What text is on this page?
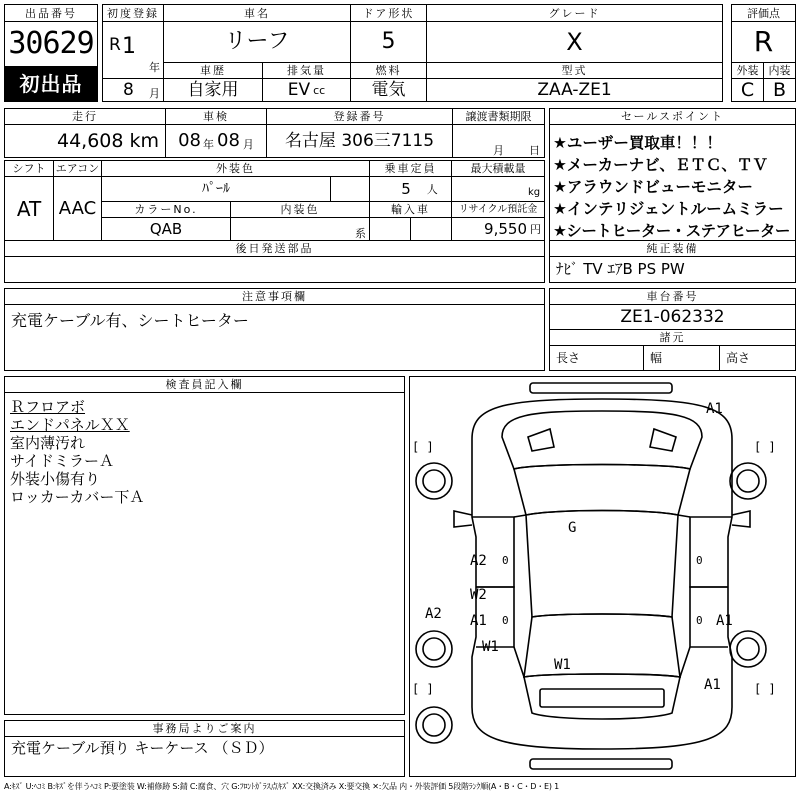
出品番号
30629
初出品
初度登録
R 1
年
8 月
車名
リーフ
車歴
自家用
排気量
EV cc
ドア形状
5
燃料
電気
グレード
X
型式
ZAA-ZE1
評価点
R
外装 内装
C B
走行
44,608 km
車検
08 年 08 月
登録番号
名古屋 306三7115
譲渡書類期限
月 日
シフト
AT
エアコン
AAC
外装色
ﾊﾟｰﾙ
乗車定員
5 人
最大積載量
kg
カラーNo.
QAB
内装色
系
輸入車	リサイクル預託金
9,550 円
後日発送部品
セールスポイント
★ユーザー買取車！！！
★メーカーナビ、ＥＴＣ、ＴＶ
★アラウンドビューモニター
★インテリジェントルームミラー
★シートヒーター・ステアヒーター
純正装備
ﾅﾋﾞ TV ｴｱB PS PW
注意事項欄
充電ケーブル有、シートヒーター
車台番号
ZE1-062332
諸元
長さ	幅	高さ
検査員記入欄
Ｒフロアボ
エンドパネルＸＸ
室内薄汚れ
サイドミラーＡ
外装小傷有り
ロッカーカバー下Ａ
事務局よりご案内
充電ケーブル預り キーケース （ＳＤ）
[ ]	[ ]
[ ]	[ ]
A1
G
A2 0	0
W2
A1 0	0
A2	A1
W1
W1
A1
A:ｷｽﾞ U:ﾍｺﾐ B:ｷｽﾞを伴うﾍｺﾐ P:要塗装 W:補修跡 S:錆 C:腐食、穴 G:ﾌﾛﾝﾄｶﾞﾗｽ点ｷｽﾞ XX:交換済み X:要交換 ✕:欠品 内・外装評価 5段階ﾗﾝｸ順(A・B・C・D・E) 1
